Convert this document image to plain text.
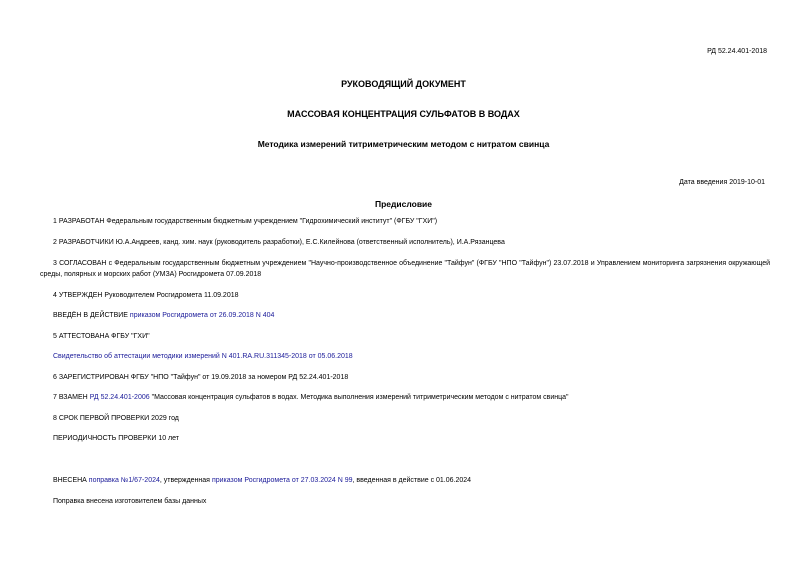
РД 52.24.401-2018
РУКОВОДЯЩИЙ ДОКУМЕНТ
МАССОВАЯ КОНЦЕНТРАЦИЯ СУЛЬФАТОВ В ВОДАХ
Методика измерений титриметрическим методом с нитратом свинца
Дата введения 2019-10-01
Предисловие
1 РАЗРАБОТАН Федеральным государственным бюджетным учреждением "Гидрохимический институт" (ФГБУ "ГХИ")
2 РАЗРАБОТЧИКИ Ю.А.Андреев, канд. хим. наук (руководитель разработки), Е.С.Килейнова (ответственный исполнитель), И.А.Рязанцева
3 СОГЛАСОВАН с Федеральным государственным бюджетным учреждением "Научно-производственное объединение "Тайфун" (ФГБУ "НПО "Тайфун") 23.07.2018 и Управлением мониторинга загрязнения окружающей среды, полярных и морских работ (УМЗА) Росгидромета 07.09.2018
4 УТВЕРЖДЕН Руководителем Росгидромета 11.09.2018
ВВЕДЁН В ДЕЙСТВИЕ приказом Росгидромета от 26.09.2018 N 404
5 АТТЕСТОВАНА ФГБУ "ГХИ"
Свидетельство об аттестации методики измерений N 401.RA.RU.311345-2018 от 05.06.2018
6 ЗАРЕГИСТРИРОВАН ФГБУ "НПО "Тайфун" от 19.09.2018 за номером РД 52.24.401-2018
7 ВЗАМЕН РД 52.24.401-2006 "Массовая концентрация сульфатов в водах. Методика выполнения измерений титриметрическим методом с нитратом свинца"
8 СРОК ПЕРВОЙ ПРОВЕРКИ 2029 год
ПЕРИОДИЧНОСТЬ ПРОВЕРКИ 10 лет
ВНЕСЕНА поправка №1/67-2024, утвержденная приказом Росгидромета от 27.03.2024 N 99, введенная в действие с 01.06.2024
Поправка внесена изготовителем базы данных
